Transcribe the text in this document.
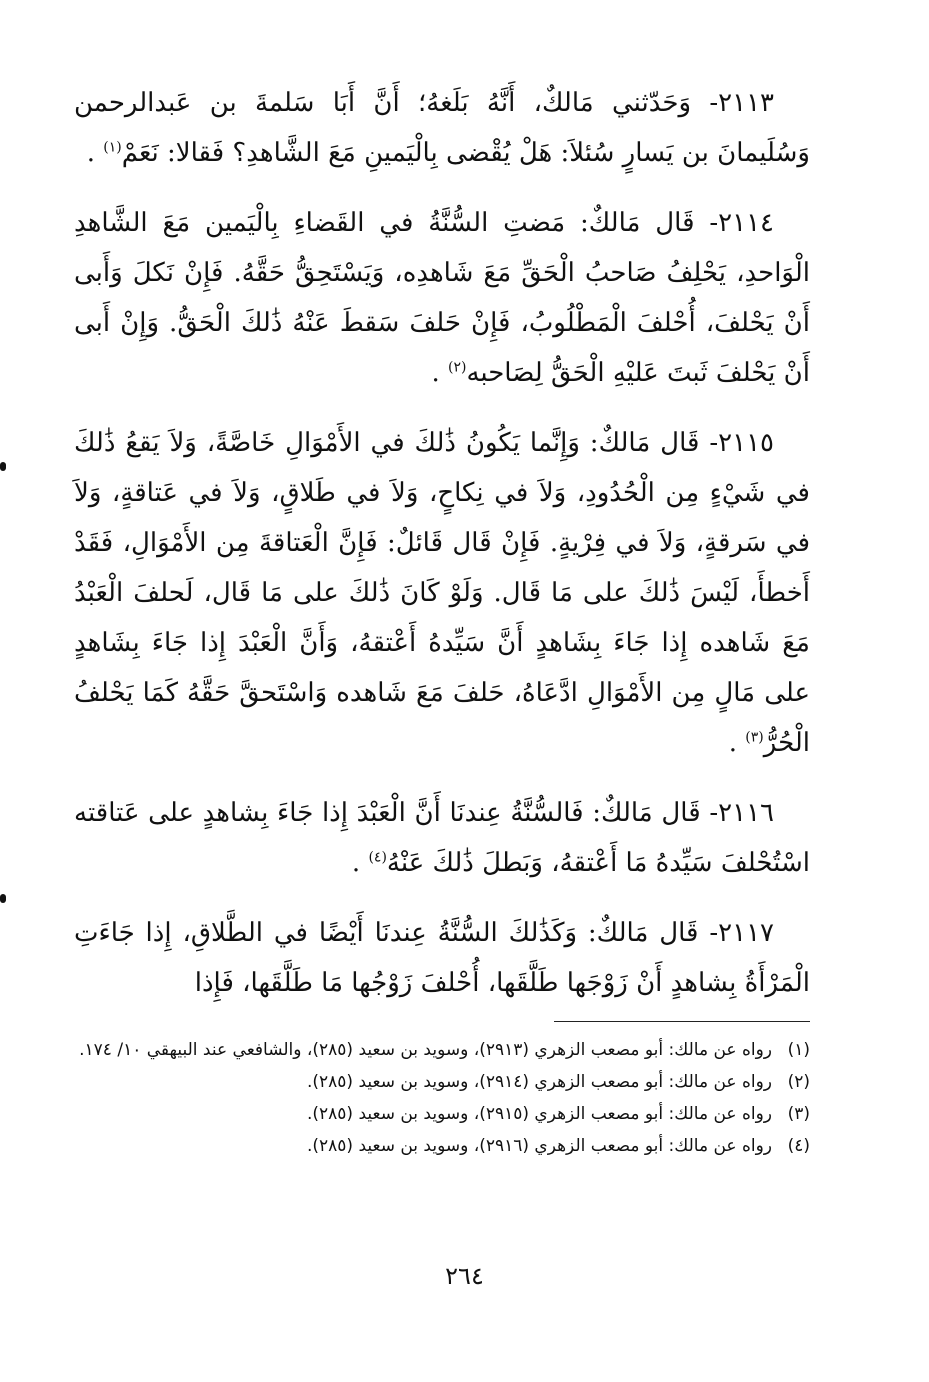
٢١١٣- وَحَدّثني مَالكٌ، أَنَّهُ بَلَغهُ؛ أَنَّ أَبَا سَلمةَ بن عَبدالرحمن وَسُلَيمانَ بن يَسارٍ سُئلاَ: هَلْ يُقْضى بِالْيَمينِ مَعَ الشَّاهدِ؟ فَقالا: نَعَمْ$^{(١)}$ .

٢١١٤- قَال مَالكٌ: مَضتِ السُّنَّةُ في القَضاءِ بِالْيَمين مَعَ الشَّاهدِ الْوَاحدِ، يَحْلِفُ صَاحبُ الْحَقِّ مَعَ شَاهدِه، وَيَسْتَحِقُّ حَقَّهُ. فَإِنْ نَكلَ وَأَبى أَنْ يَحْلفَ، أُحْلفَ الْمَطْلُوبُ، فَإِنْ حَلفَ سَقطَ عَنْهُ ذَٰلكَ الْحَقُّ. وَإِنْ أَبى أَنْ يَحْلفَ ثَبتَ عَليْهِ الْحَقُّ لِصَاحبه$^{(٢)}$ .

٢١١٥- قَال مَالكٌ: وَإِنَّما يَكُونُ ذَٰلكَ في الأَمْوَالِ خَاصَّةً، وَلاَ يَقعُ ذَٰلكَ في شَيْءٍ مِن الْحُدُودِ، وَلاَ في نِكاحٍ، وَلاَ في طَلاقٍ، وَلاَ في عَتاقةٍ، وَلاَ في سَرقةٍ، وَلاَ في فِرْيةٍ. فَإِنْ قَال قَائلٌ: فَإِنَّ الْعَتاقةَ مِن الأَمْوَالِ، فَقَدْ أَخطأَ، لَيْسَ ذَٰلكَ على مَا قَال. وَلَوْ كَانَ ذَٰلكَ على مَا قَال، لَحلفَ الْعَبْدُ مَعَ شَاهده إِذا جَاءَ بِشَاهدٍ أَنَّ سَيِّدهُ أَعْتقهُ، وَأَنَّ الْعَبْدَ إِذا جَاءَ بِشَاهدٍ على مَالٍ مِن الأَمْوَالِ ادَّعَاهُ، حَلفَ مَعَ شَاهده وَاسْتَحقَّ حَقَّهُ كَمَا يَحْلفُ الْحُرُّ$^{(٣)}$ .

٢١١٦- قَال مَالكٌ: فَالسُّنَّةُ عِندنَا أَنَّ الْعَبْدَ إِذا جَاءَ بِشاهدٍ على عَتاقته اسْتُحْلفَ سَيِّدهُ مَا أَعْتقهُ، وَبَطلَ ذَٰلكَ عَنْهُ$^{(٤)}$ .

٢١١٧- قَال مَالكٌ: وَكَذَٰلكَ السُّنَّةُ عِندنَا أَيْضًا في الطَّلاقِ، إِذا جَاءَتِ الْمَرْأَةُ بِشاهدٍ أَنْ زَوْجَها طَلَّقَها، أُحْلفَ زَوْجُها مَا طَلَّقَها، فَإِذا

(١)
رواه عن مالك: أبو مصعب الزهري (٢٩١٣)، وسويد بن سعيد (٢٨٥)، والشافعي عند البيهقي ١٠/ ١٧٤.
(٢)
رواه عن مالك: أبو مصعب الزهري (٢٩١٤)، وسويد بن سعيد (٢٨٥).
(٣)
رواه عن مالك: أبو مصعب الزهري (٢٩١٥)، وسويد بن سعيد (٢٨٥).
(٤)
رواه عن مالك: أبو مصعب الزهري (٢٩١٦)، وسويد بن سعيد (٢٨٥).
٢٦٤
